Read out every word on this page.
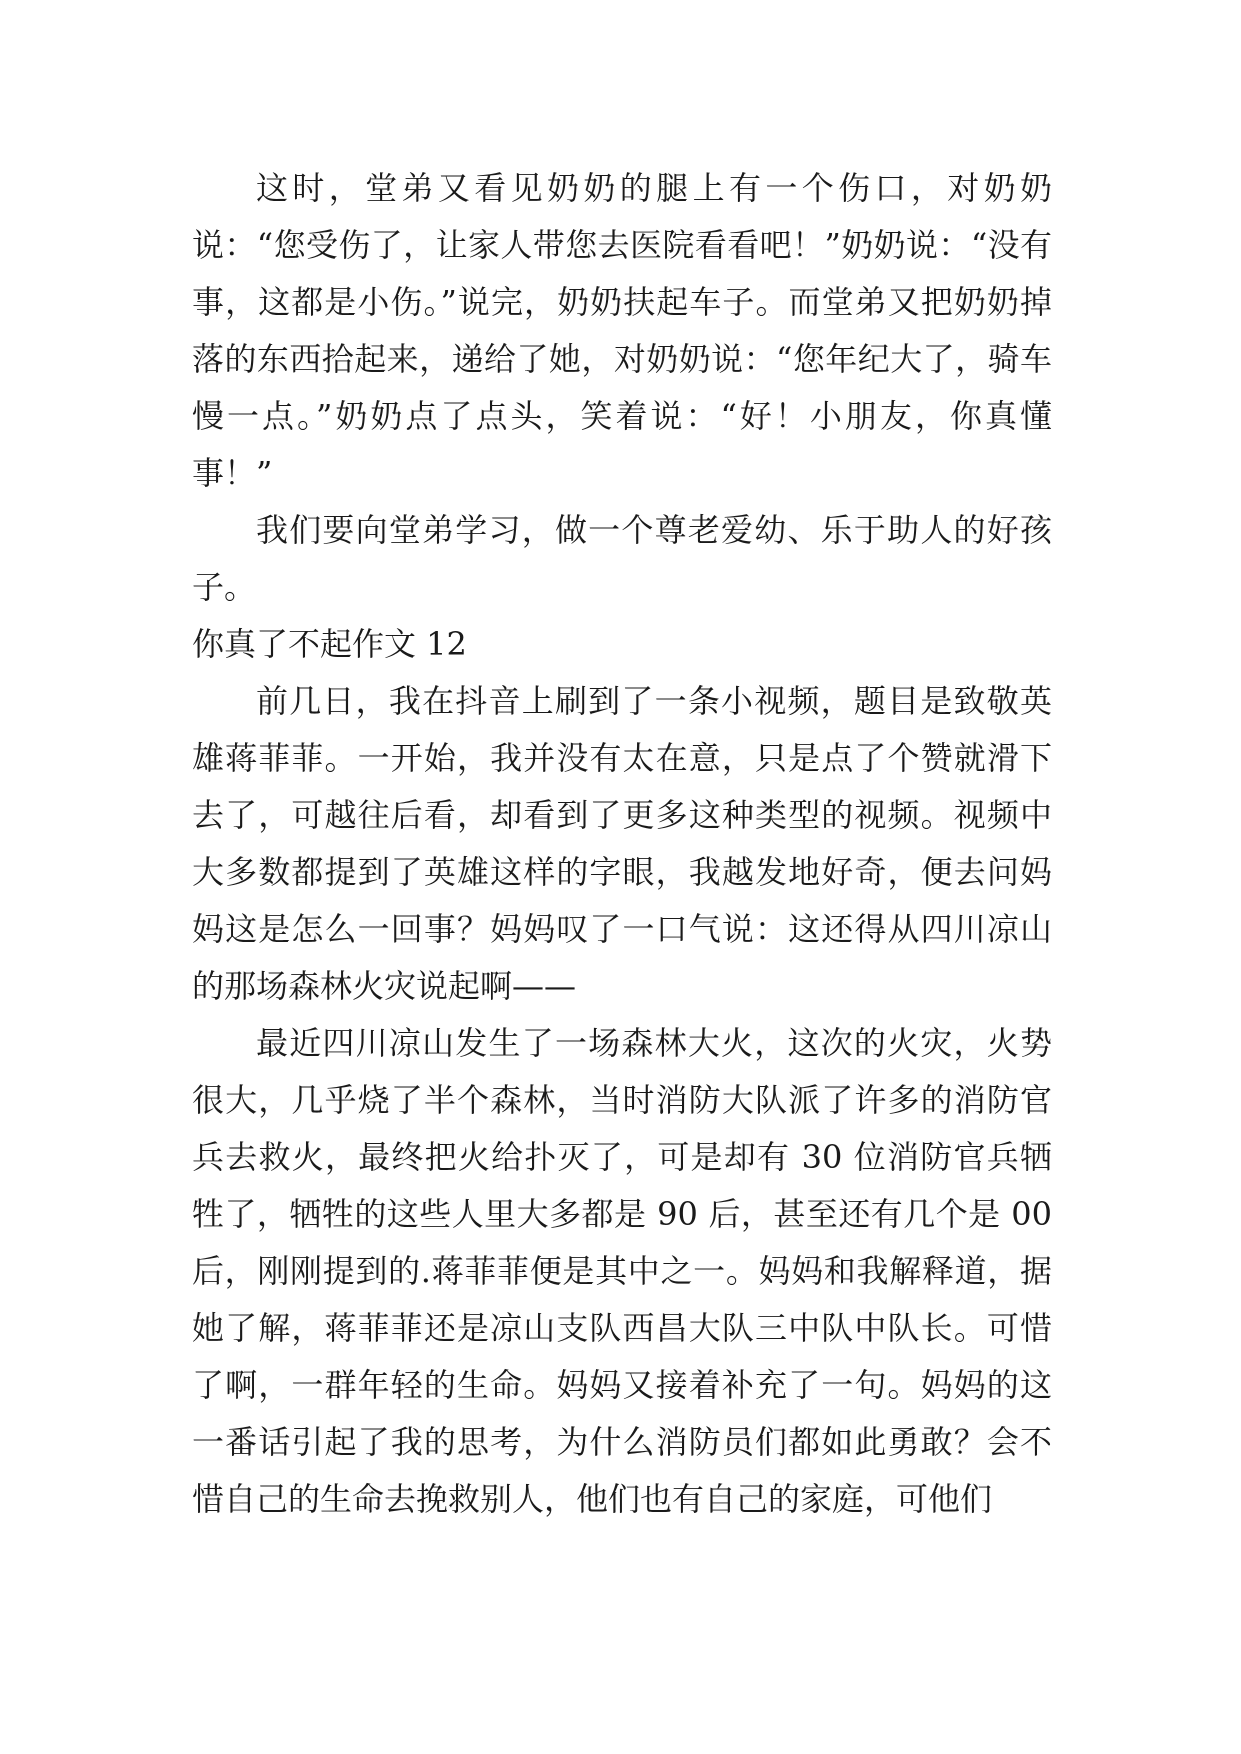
这时，堂弟又看见奶奶的腿上有一个伤口，对奶奶说：“您受伤了，让家人带您去医院看看吧！”奶奶说：“没有事，这都是小伤。”说完，奶奶扶起车子。而堂弟又把奶奶掉落的东西拾起来，递给了她，对奶奶说：“您年纪大了，骑车慢一点。”奶奶点了点头，笑着说：“好！小朋友，你真懂事！”

我们要向堂弟学习，做一个尊老爱幼、乐于助人的好孩子。

你真了不起作文 12

前几日，我在抖音上刷到了一条小视频，题目是致敬英雄蒋菲菲。一开始，我并没有太在意，只是点了个赞就滑下去了，可越往后看，却看到了更多这种类型的视频。视频中大多数都提到了英雄这样的字眼，我越发地好奇，便去问妈妈这是怎么一回事？妈妈叹了一口气说：这还得从四川凉山的那场森林火灾说起啊——

最近四川凉山发生了一场森林大火，这次的火灾，火势很大，几乎烧了半个森林，当时消防大队派了许多的消防官兵去救火，最终把火给扑灭了，可是却有 30 位消防官兵牺牲了，牺牲的这些人里大多都是 90 后，甚至还有几个是 00 后，刚刚提到的.蒋菲菲便是其中之一。妈妈和我解释道，据她了解，蒋菲菲还是凉山支队西昌大队三中队中队长。可惜了啊，一群年轻的生命。妈妈又接着补充了一句。妈妈的这一番话引起了我的思考，为什么消防员们都如此勇敢？会不惜自己的生命去挽救别人，他们也有自己的家庭，可他们
